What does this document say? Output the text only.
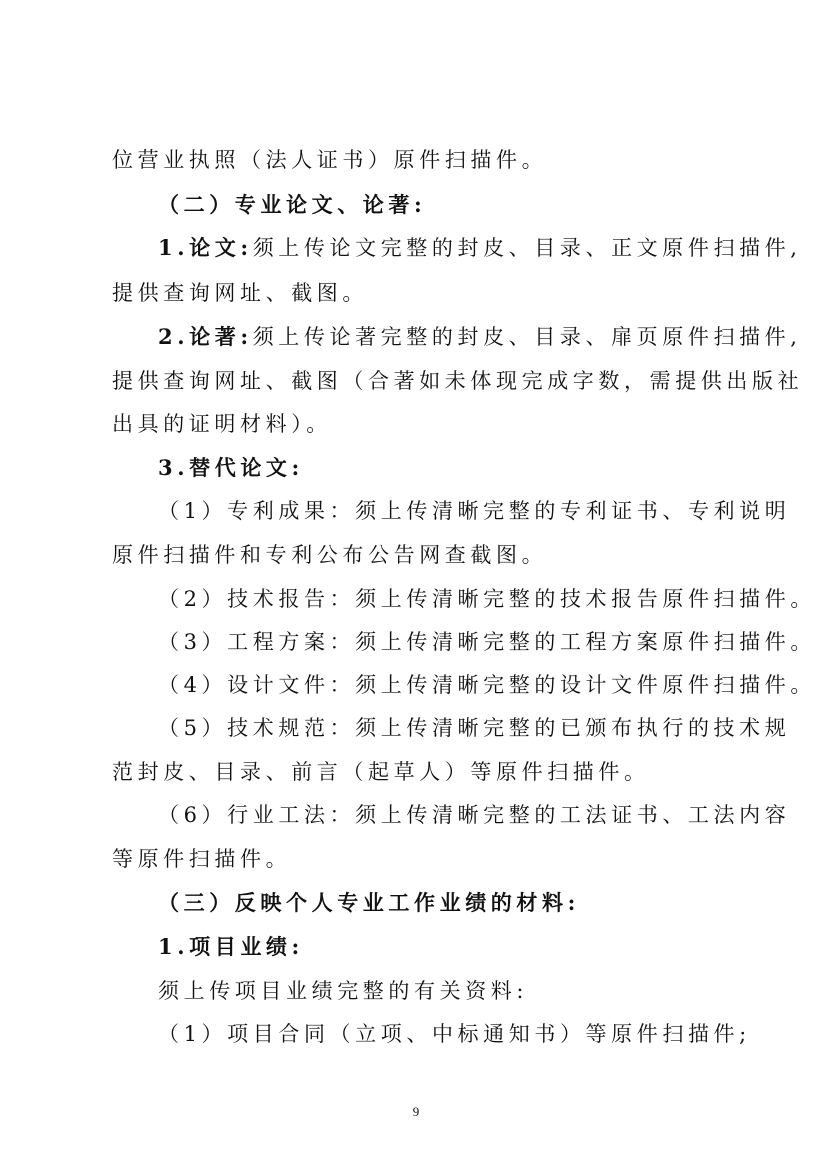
位营业执照（法人证书）原件扫描件。
（二）专业论文、论著:
1.论文:须上传论文完整的封皮、目录、正文原件扫描件,
提供查询网址、截图。
2.论著:须上传论著完整的封皮、目录、扉页原件扫描件,
提供查询网址、截图（合著如未体现完成字数，需提供出版社
出具的证明材料）。
3.替代论文:
（1）专利成果：须上传清晰完整的专利证书、专利说明
原件扫描件和专利公布公告网查截图。
（2）技术报告：须上传清晰完整的技术报告原件扫描件。
（3）工程方案：须上传清晰完整的工程方案原件扫描件。
（4）设计文件：须上传清晰完整的设计文件原件扫描件。
（5）技术规范：须上传清晰完整的已颁布执行的技术规
范封皮、目录、前言（起草人）等原件扫描件。
（6）行业工法：须上传清晰完整的工法证书、工法内容
等原件扫描件。
（三）反映个人专业工作业绩的材料:
1.项目业绩:
须上传项目业绩完整的有关资料:
（1）项目合同（立项、中标通知书）等原件扫描件;
9
